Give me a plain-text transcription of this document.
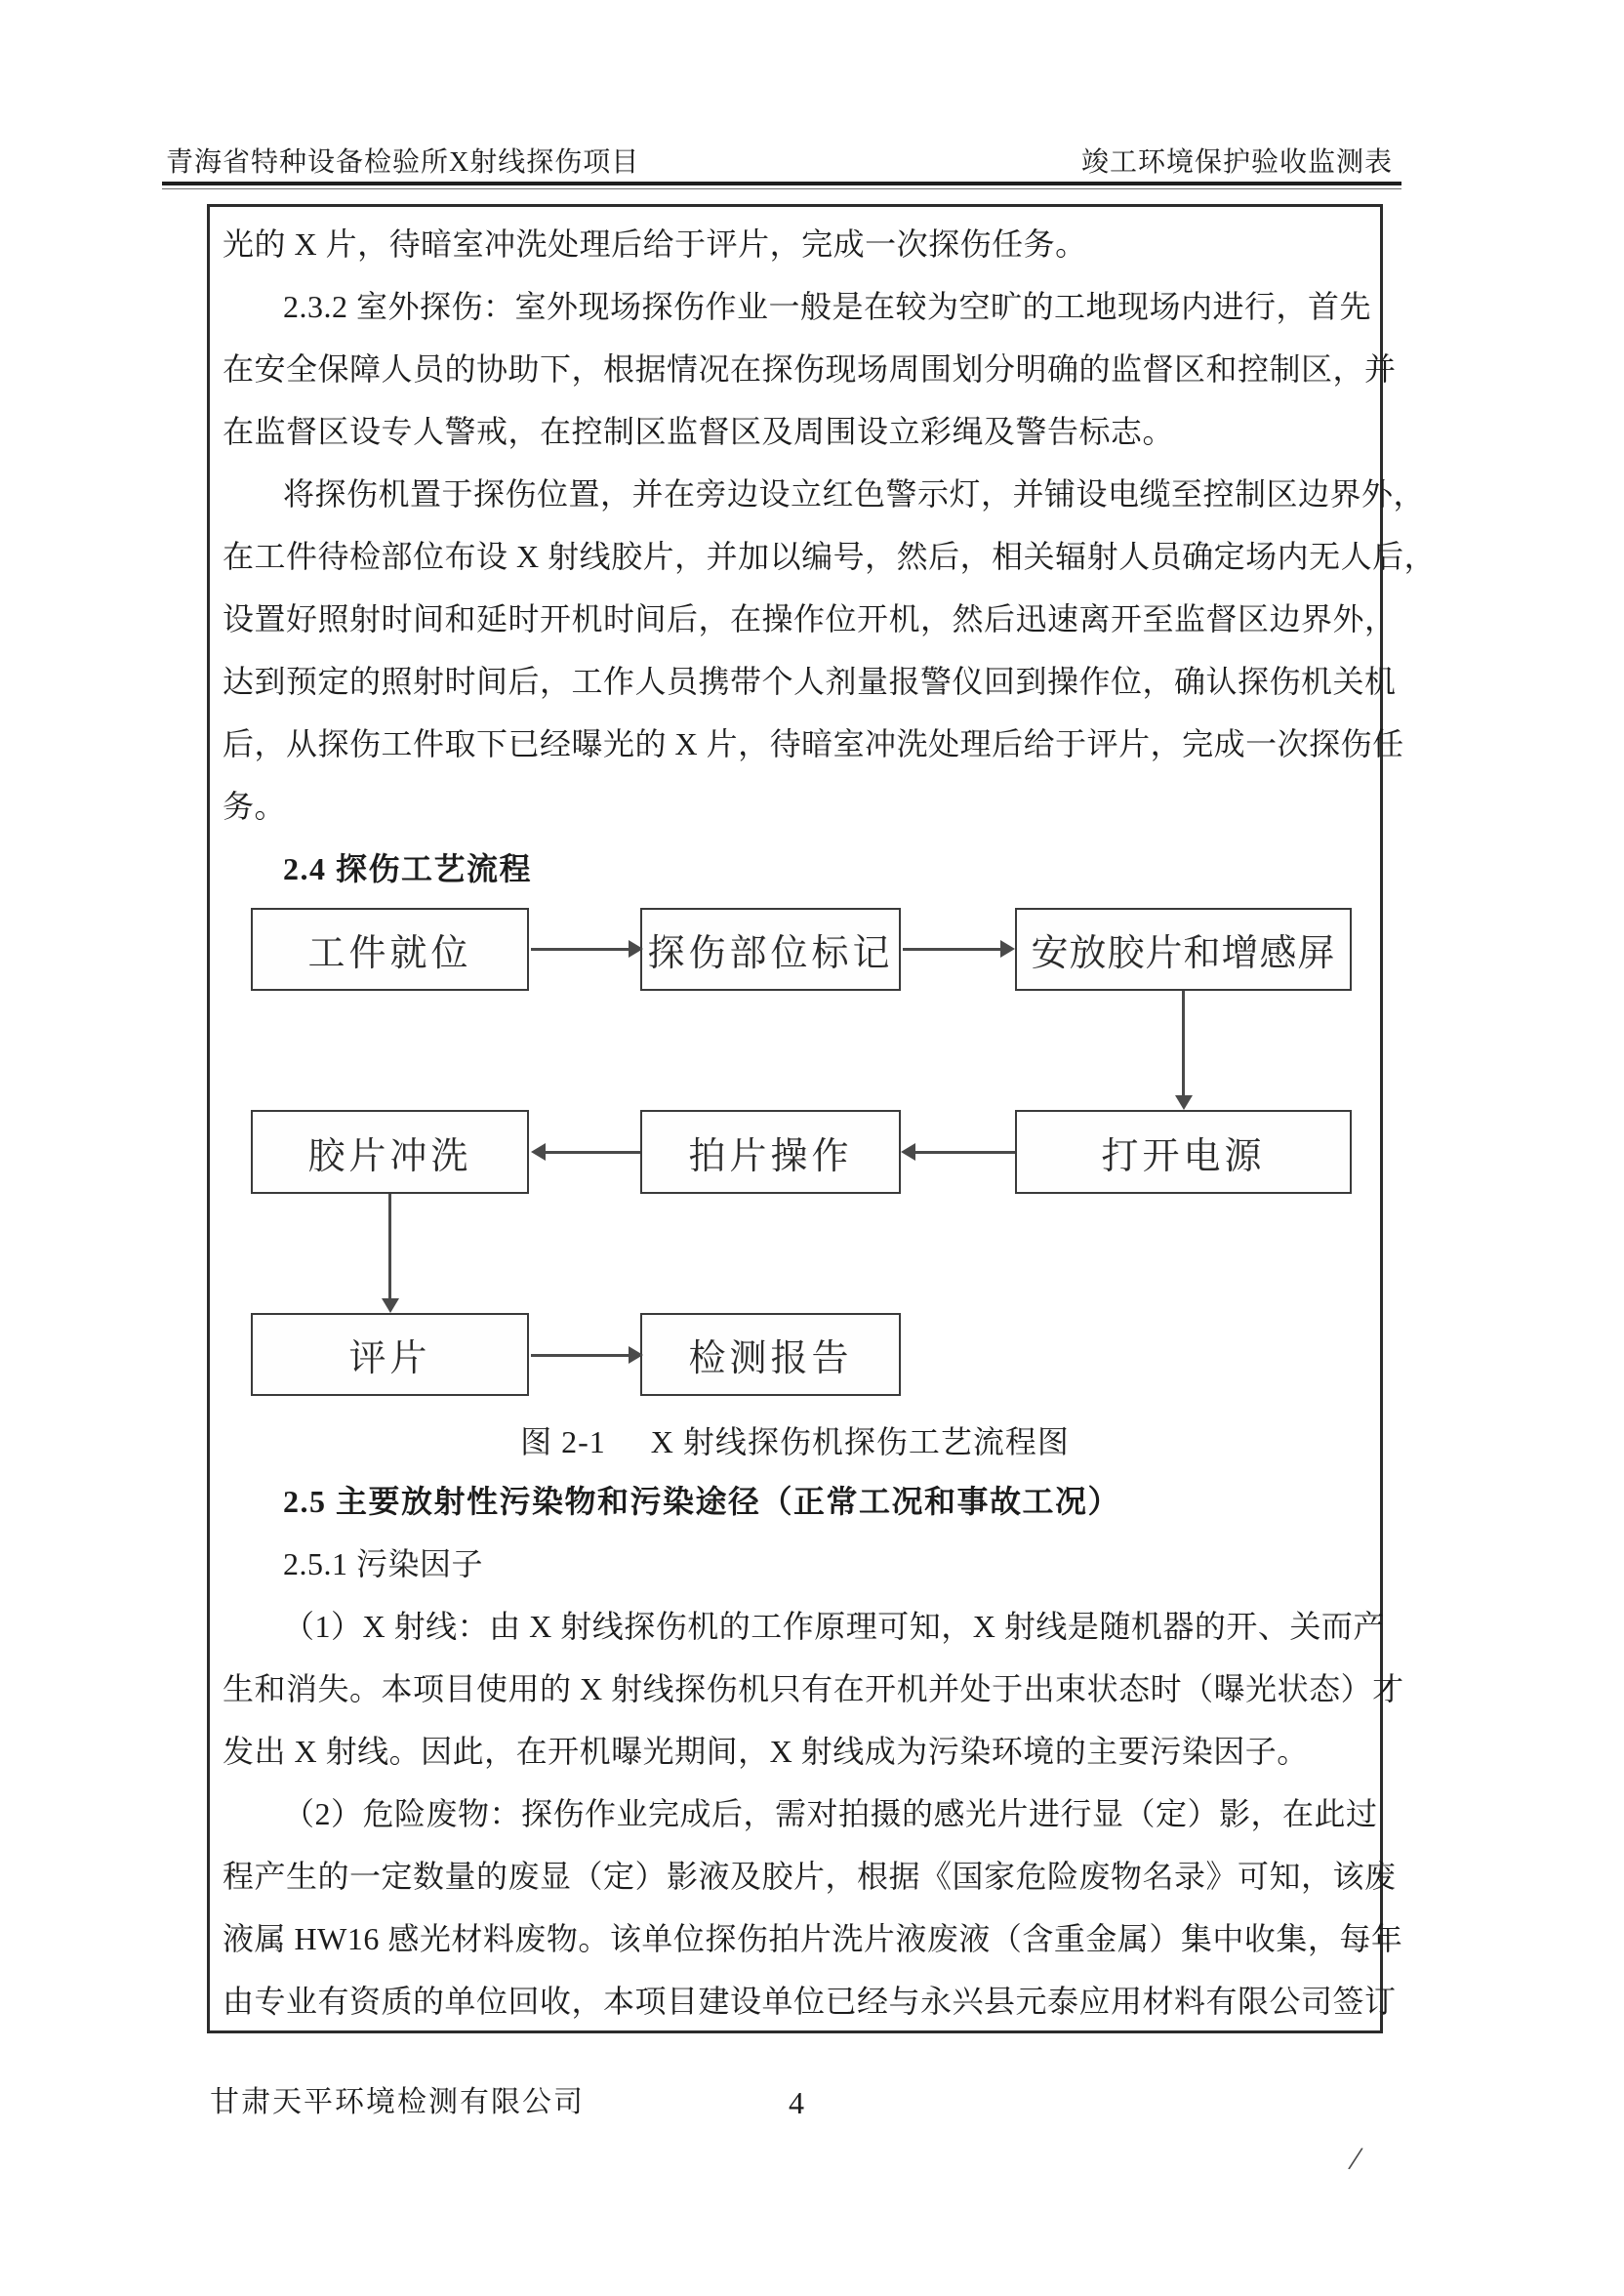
青海省特种设备检验所X射线探伤项目	竣工环境保护验收监测表
光的 X 片，待暗室冲洗处理后给于评片，完成一次探伤任务。
2.3.2 室外探伤：室外现场探伤作业一般是在较为空旷的工地现场内进行，首先
在安全保障人员的协助下，根据情况在探伤现场周围划分明确的监督区和控制区，并
在监督区设专人警戒，在控制区监督区及周围设立彩绳及警告标志。
将探伤机置于探伤位置，并在旁边设立红色警示灯，并铺设电缆至控制区边界外，
在工件待检部位布设 X 射线胶片，并加以编号，然后，相关辐射人员确定场内无人后，
设置好照射时间和延时开机时间后，在操作位开机，然后迅速离开至监督区边界外，
达到预定的照射时间后，工作人员携带个人剂量报警仪回到操作位，确认探伤机关机
后，从探伤工件取下已经曝光的 X 片，待暗室冲洗处理后给于评片，完成一次探伤任
务。
2.4 探伤工艺流程
工件就位	探伤部位标记	安放胶片和增感屏
胶片冲洗	拍片操作	打开电源
评片	检测报告
图 2-1 X 射线探伤机探伤工艺流程图
2.5 主要放射性污染物和污染途径（正常工况和事故工况）
2.5.1 污染因子
（1）X 射线：由 X 射线探伤机的工作原理可知，X 射线是随机器的开、关而产
生和消失。本项目使用的 X 射线探伤机只有在开机并处于出束状态时（曝光状态）才
发出 X 射线。因此，在开机曝光期间，X 射线成为污染环境的主要污染因子。
（2）危险废物：探伤作业完成后，需对拍摄的感光片进行显（定）影，在此过
程产生的一定数量的废显（定）影液及胶片，根据《国家危险废物名录》可知，该废
液属 HW16 感光材料废物。该单位探伤拍片洗片液废液（含重金属）集中收集，每年
由专业有资质的单位回收，本项目建设单位已经与永兴县元泰应用材料有限公司签订
甘肃天平环境检测有限公司	4
/
